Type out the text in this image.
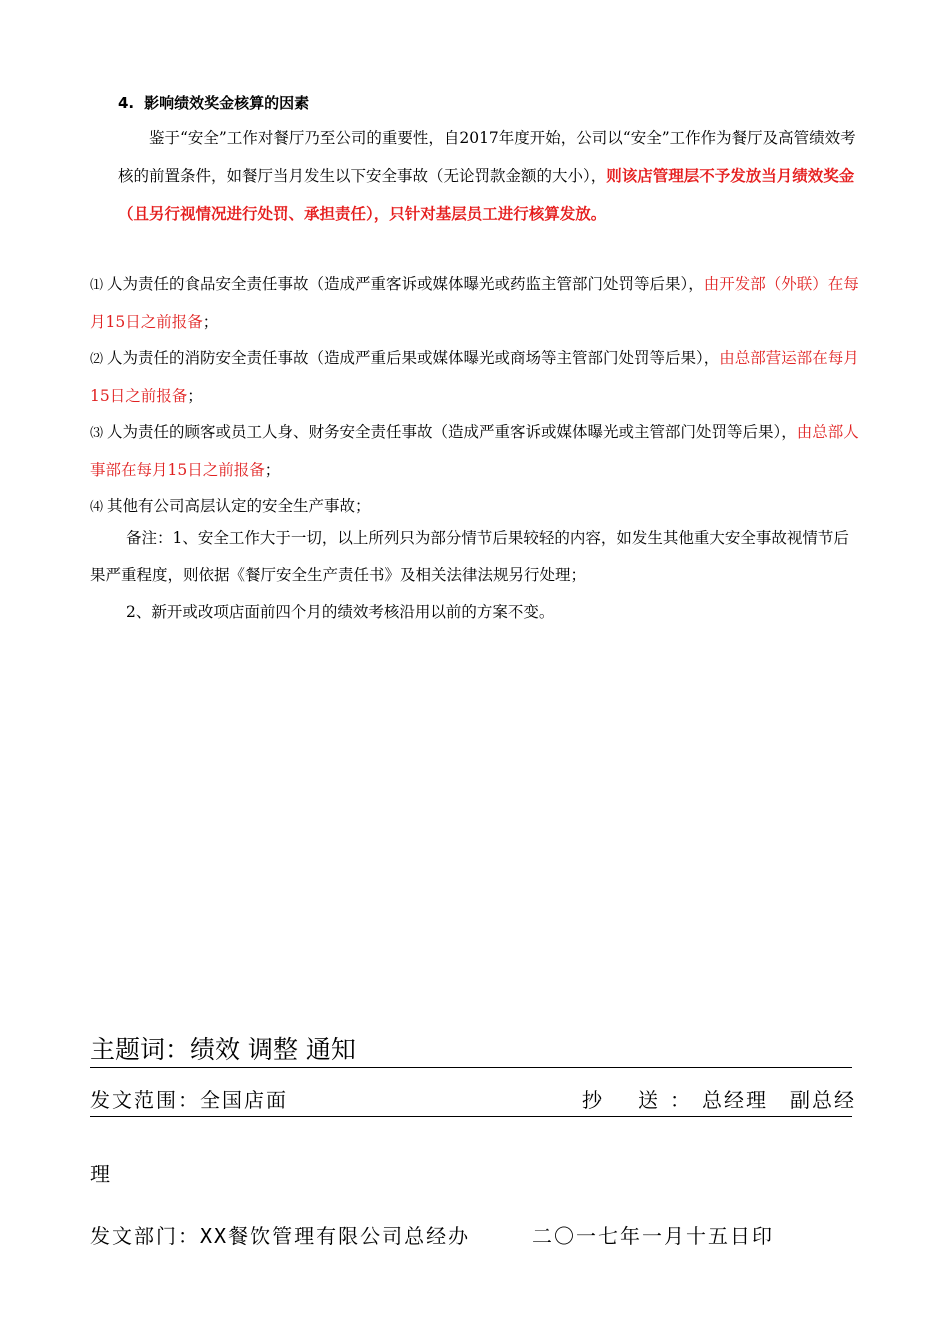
4. 影响绩效奖金核算的因素

鉴于“安全”工作对餐厅乃至公司的重要性，自2017年度开始，公司以“安全”工作作为餐厅及高管绩效考核的前置条件，如餐厅当月发生以下安全事故（无论罚款金额的大小），则该店管理层不予发放当月绩效奖金（且另行视情况进行处罚、承担责任），只针对基层员工进行核算发放。

⑴ 人为责任的食品安全责任事故（造成严重客诉或媒体曝光或药监主管部门处罚等后果），由开发部（外联）在每月15日之前报备；

⑵ 人为责任的消防安全责任事故（造成严重后果或媒体曝光或商场等主管部门处罚等后果），由总部营运部在每月15日之前报备；

⑶ 人为责任的顾客或员工人身、财务安全责任事故（造成严重客诉或媒体曝光或主管部门处罚等后果），由总部人事部在每月15日之前报备；

⑷ 其他有公司高层认定的安全生产事故；

备注：1、安全工作大于一切，以上所列只为部分情节后果较轻的内容，如发生其他重大安全事故视情节后果严重程度，则依据《餐厅安全生产责任书》及相关法律法规另行处理；

2、新开或改项店面前四个月的绩效考核沿用以前的方案不变。

主题词：绩效 调整 通知
发文范围：全国店面	抄 送：总经理　副总经
理
发文部门：XX餐饮管理有限公司总经办	二〇一七年一月十五日印
